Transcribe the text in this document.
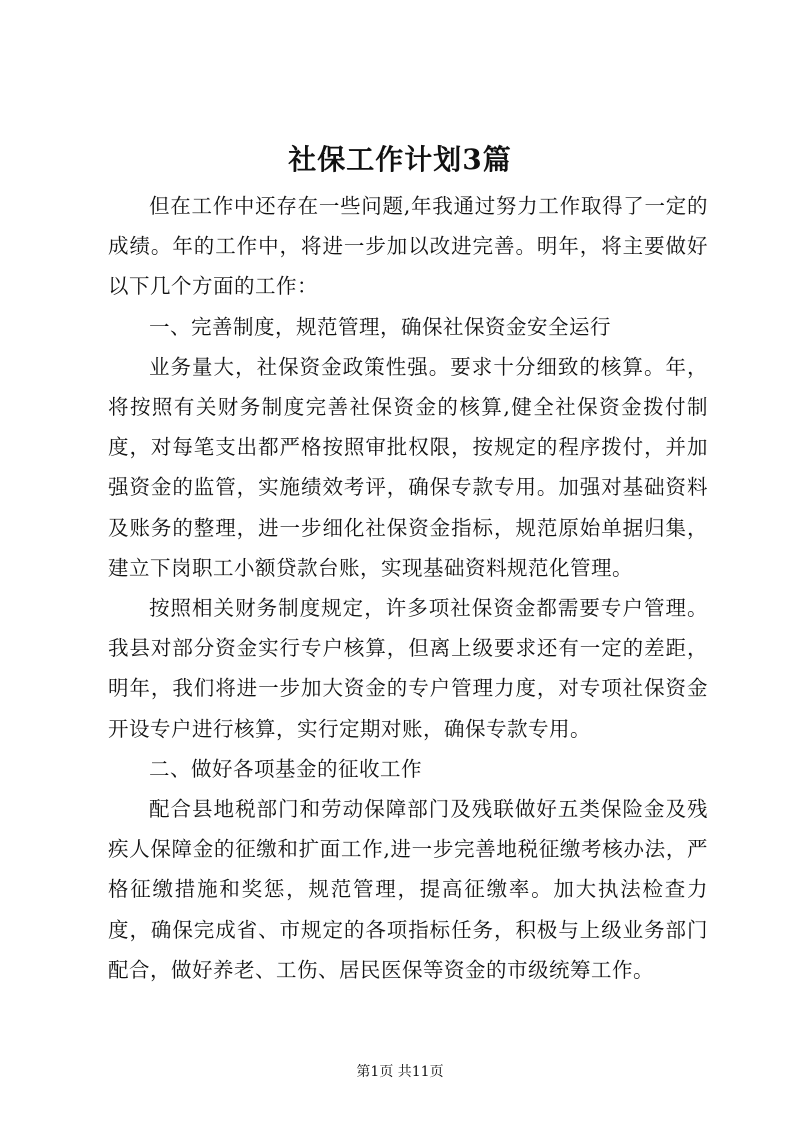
社保工作计划3篇

但在工作中还存在一些问题,年我通过努力工作取得了一定的成绩。年的工作中，将进一步加以改进完善。明年，将主要做好以下几个方面的工作：

一、完善制度，规范管理，确保社保资金安全运行

业务量大，社保资金政策性强。要求十分细致的核算。年，将按照有关财务制度完善社保资金的核算,健全社保资金拨付制度，对每笔支出都严格按照审批权限，按规定的程序拨付，并加强资金的监管，实施绩效考评，确保专款专用。加强对基础资料及账务的整理，进一步细化社保资金指标，规范原始单据归集，建立下岗职工小额贷款台账，实现基础资料规范化管理。

按照相关财务制度规定，许多项社保资金都需要专户管理。我县对部分资金实行专户核算，但离上级要求还有一定的差距，明年，我们将进一步加大资金的专户管理力度，对专项社保资金开设专户进行核算，实行定期对账，确保专款专用。

二、做好各项基金的征收工作

配合县地税部门和劳动保障部门及残联做好五类保险金及残疾人保障金的征缴和扩面工作,进一步完善地税征缴考核办法，严格征缴措施和奖惩，规范管理，提高征缴率。加大执法检查力度，确保完成省、市规定的各项指标任务，积极与上级业务部门配合，做好养老、工伤、居民医保等资金的市级统筹工作。

第1页 共11页
